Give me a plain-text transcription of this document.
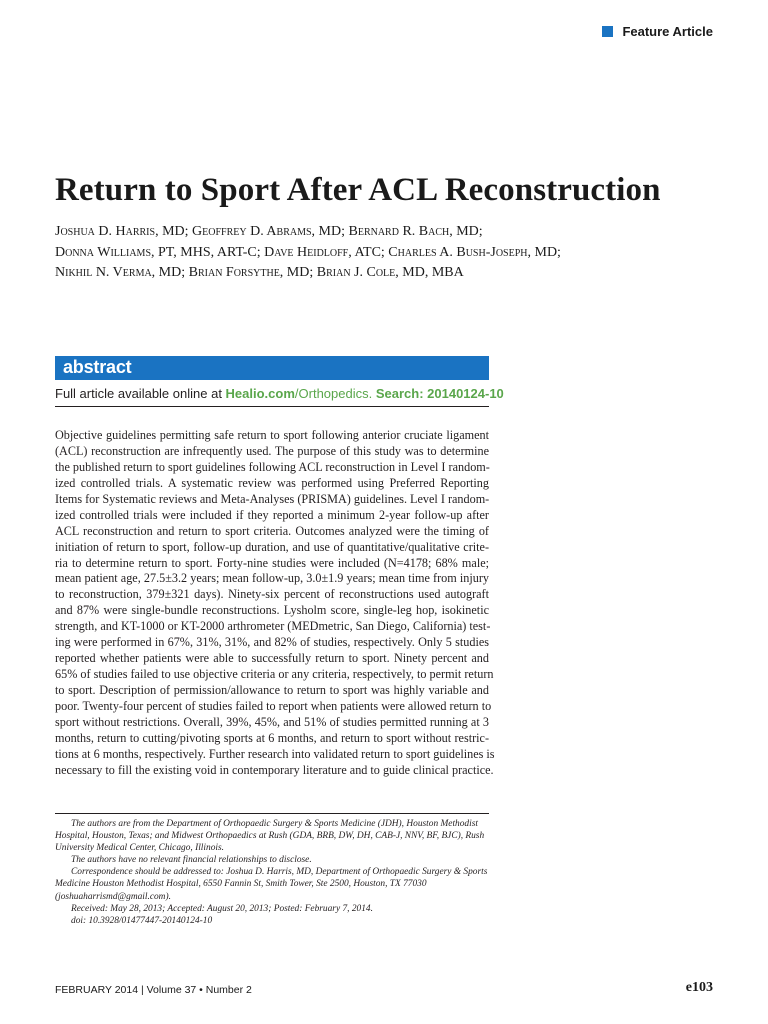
Feature Article
Return to Sport After ACL Reconstruction
Joshua D. Harris, MD; Geoffrey D. Abrams, MD; Bernard R. Bach, MD;
Donna Williams, PT, MHS, ART-C; Dave Heidloff, ATC; Charles A. Bush-Joseph, MD;
Nikhil N. Verma, MD; Brian Forsythe, MD; Brian J. Cole, MD, MBA
abstract
Full article available online at Healio.com/Orthopedics. Search: 20140124-10
Objective guidelines permitting safe return to sport following anterior cruciate ligament
(ACL) reconstruction are infrequently used. The purpose of this study was to determine
the published return to sport guidelines following ACL reconstruction in Level I random-
ized controlled trials. A systematic review was performed using Preferred Reporting
Items for Systematic reviews and Meta-Analyses (PRISMA) guidelines. Level I random-
ized controlled trials were included if they reported a minimum 2-year follow-up after
ACL reconstruction and return to sport criteria. Outcomes analyzed were the timing of
initiation of return to sport, follow-up duration, and use of quantitative/qualitative crite-
ria to determine return to sport. Forty-nine studies were included (N=4178; 68% male;
mean patient age, 27.5±3.2 years; mean follow-up, 3.0±1.9 years; mean time from injury
to reconstruction, 379±321 days). Ninety-six percent of reconstructions used autograft
and 87% were single-bundle reconstructions. Lysholm score, single-leg hop, isokinetic
strength, and KT-1000 or KT-2000 arthrometer (MEDmetric, San Diego, California) test-
ing were performed in 67%, 31%, 31%, and 82% of studies, respectively. Only 5 studies
reported whether patients were able to successfully return to sport. Ninety percent and
65% of studies failed to use objective criteria or any criteria, respectively, to permit return
to sport. Description of permission/allowance to return to sport was highly variable and
poor. Twenty-four percent of studies failed to report when patients were allowed return to
sport without restrictions. Overall, 39%, 45%, and 51% of studies permitted running at 3
months, return to cutting/pivoting sports at 6 months, and return to sport without restric-
tions at 6 months, respectively. Further research into validated return to sport guidelines is
necessary to fill the existing void in contemporary literature and to guide clinical practice.

The authors are from the Department of Orthopaedic Surgery & Sports Medicine (JDH), Houston Methodist Hospital, Houston, Texas; and Midwest Orthopaedics at Rush (GDA, BRB, DW, DH, CAB-J, NNV, BF, BJC), Rush University Medical Center, Chicago, Illinois.

The authors have no relevant financial relationships to disclose.

Correspondence should be addressed to: Joshua D. Harris, MD, Department of Orthopaedic Surgery & Sports Medicine Houston Methodist Hospital, 6550 Fannin St, Smith Tower, Ste 2500, Houston, TX 77030 (joshuaharrismd@gmail.com).

Received: May 28, 2013; Accepted: August 20, 2013; Posted: February 7, 2014.

doi: 10.3928/01477447-20140124-10

FEBRUARY 2014 | Volume 37 • Number 2	e103
